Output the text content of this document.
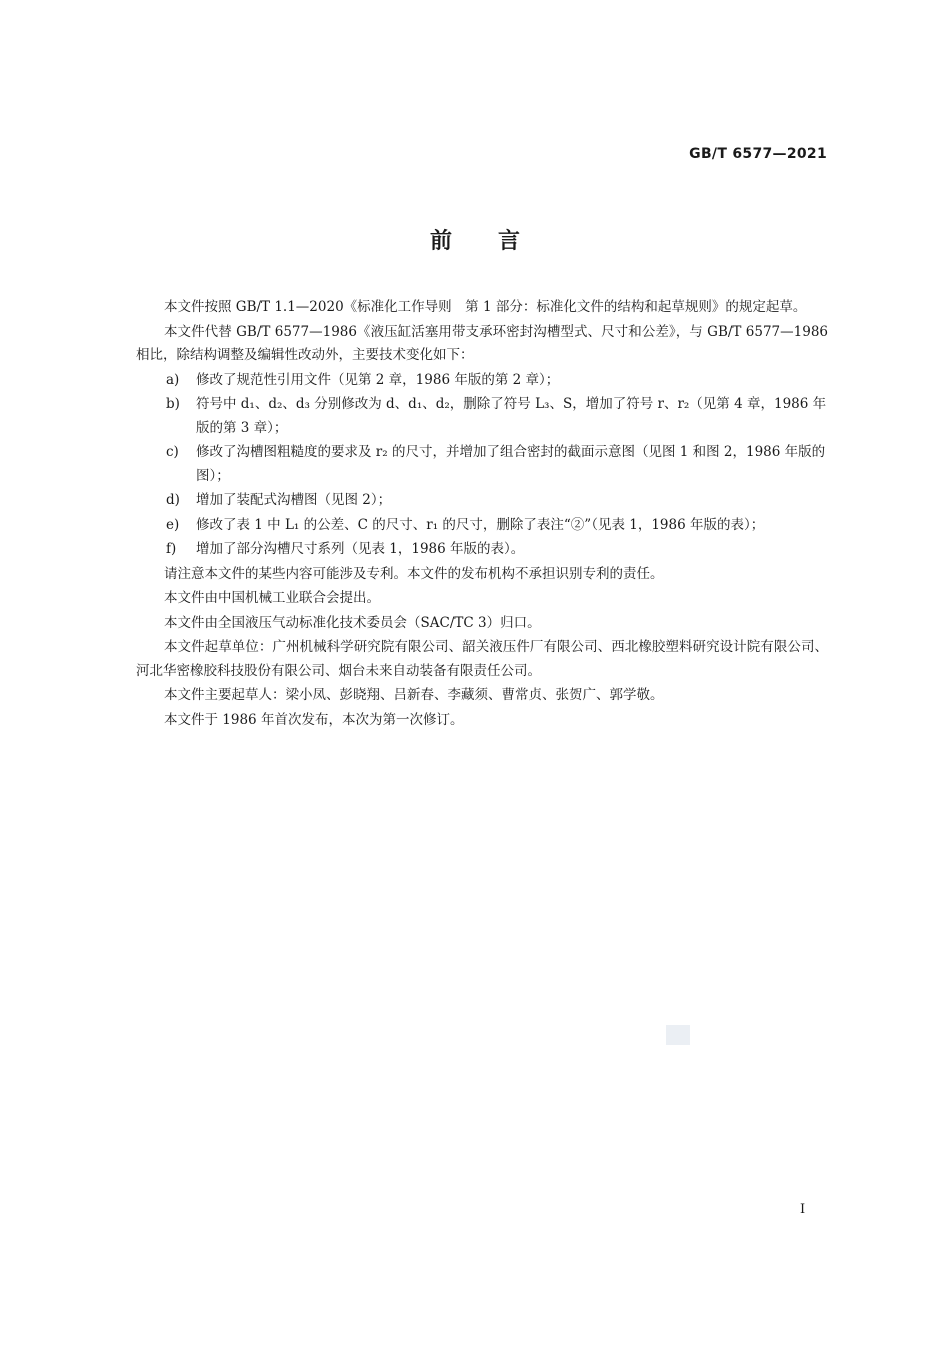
GB/T 6577—2021
前言

本文件按照 GB/T 1.1—2020《标准化工作导则　第 1 部分：标准化文件的结构和起草规则》的规定起草。

本文件代替 GB/T 6577—1986《液压缸活塞用带支承环密封沟槽型式、尺寸和公差》，与 GB/T 6577—1986 相比，除结构调整及编辑性改动外，主要技术变化如下：

a)	修改了规范性引用文件（见第 2 章，1986 年版的第 2 章）；
b)	符号中 d₁、d₂、d₃ 分别修改为 d、d₁、d₂，删除了符号 L₃、S，增加了符号 r、r₂（见第 4 章，1986 年版的第 3 章）；
c)	修改了沟槽图粗糙度的要求及 r₂ 的尺寸，并增加了组合密封的截面示意图（见图 1 和图 2，1986 年版的图）；
d)	增加了装配式沟槽图（见图 2）；
e)	修改了表 1 中 L₁ 的公差、C 的尺寸、r₁ 的尺寸，删除了表注“②”（见表 1，1986 年版的表）；
f)	增加了部分沟槽尺寸系列（见表 1，1986 年版的表）。

请注意本文件的某些内容可能涉及专利。本文件的发布机构不承担识别专利的责任。

本文件由中国机械工业联合会提出。

本文件由全国液压气动标准化技术委员会（SAC/TC 3）归口。

本文件起草单位：广州机械科学研究院有限公司、韶关液压件厂有限公司、西北橡胶塑料研究设计院有限公司、河北华密橡胶科技股份有限公司、烟台未来自动装备有限责任公司。

本文件主要起草人：梁小凤、彭晓翔、吕新春、李藏须、曹常贞、张贺广、郭学敬。

本文件于 1986 年首次发布，本次为第一次修订。

I
